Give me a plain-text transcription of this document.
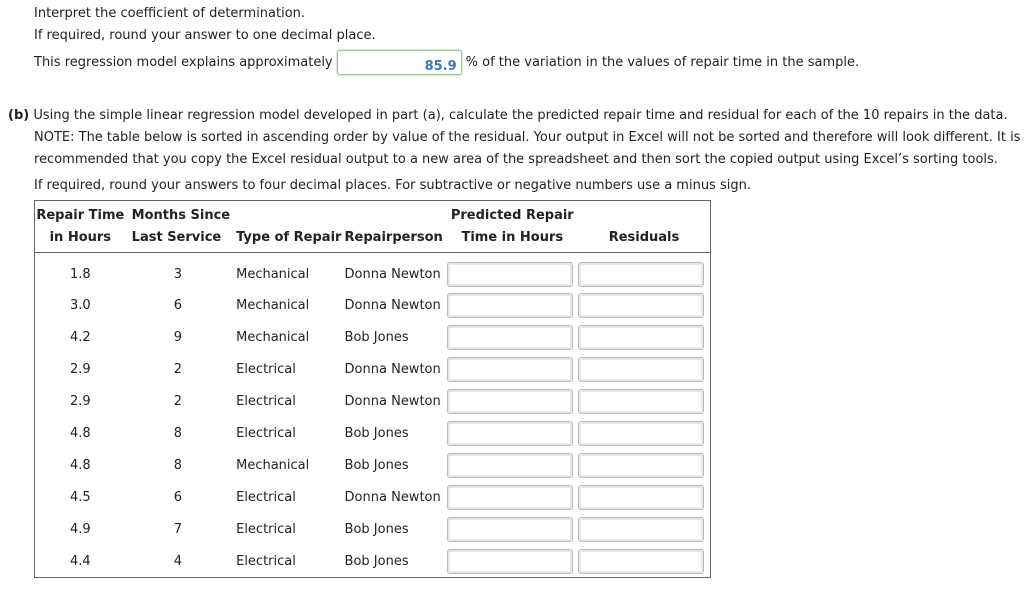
Interpret the coefficient of determination.
If required, round your answer to one decimal place.
This regression model explains approximately	85.9 % of the variation in the values of repair time in the sample.
(b) Using the simple linear regression model developed in part (a), calculate the predicted repair time and residual for each of the 10 repairs in the data.
NOTE: The table below is sorted in ascending order by value of the residual. Your output in Excel will not be sorted and therefore will look different. It is
recommended that you copy the Excel residual output to a new area of the spreadsheet and then sort the copied output using Excel’s sorting tools.
If required, round your answers to four decimal places. For subtractive or negative numbers use a minus sign.
Repair Time	Months Since			Predicted Repair	
in Hours	Last Service	Type of Repair	Repairperson	Time in Hours	Residuals
1.8	3	Mechanical	Donna Newton	

3.0	6	Mechanical	Donna Newton	

4.2	9	Mechanical	Bob Jones	

2.9	2	Electrical	Donna Newton	

2.9	2	Electrical	Donna Newton	

4.8	8	Electrical	Bob Jones	

4.8	8	Mechanical	Bob Jones	

4.5	6	Electrical	Donna Newton	

4.9	7	Electrical	Bob Jones	

4.4	4	Electrical	Bob Jones	
